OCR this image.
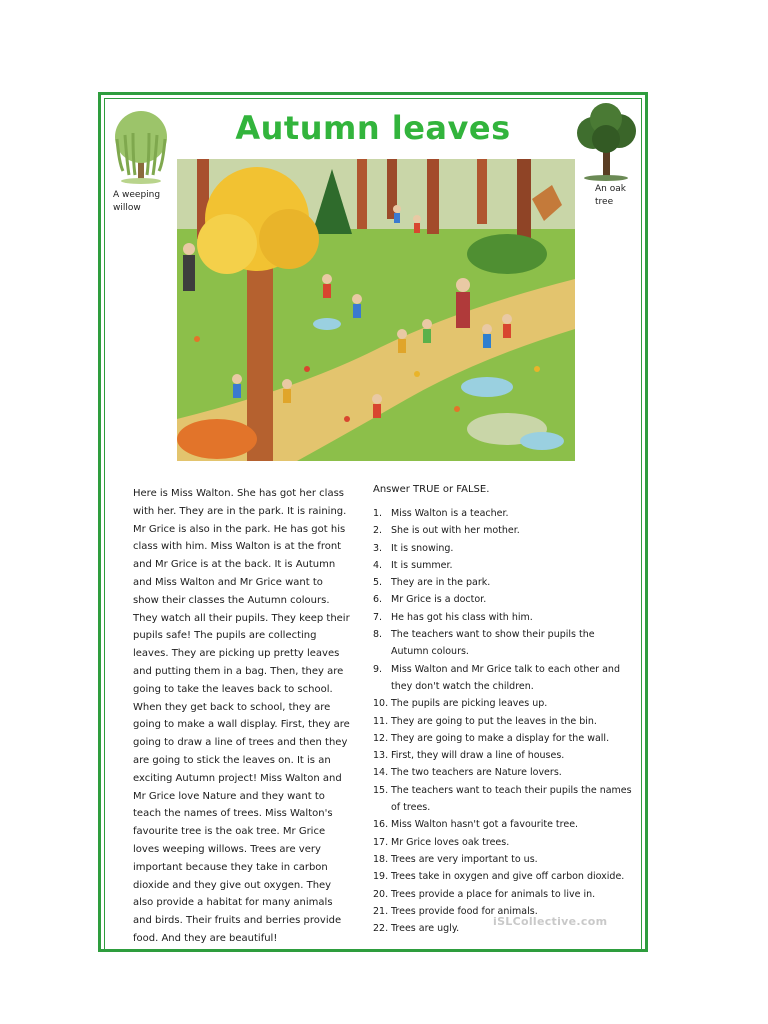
A weeping willow
Autumn leaves
An oak tree

Here is Miss Walton. She has got her class with her. They are in the park. It is raining. Mr Grice is also in the park. He has got his class with him. Miss Walton is at the front and Mr Grice is at the back. It is Autumn and Miss Walton and Mr Grice want to show their classes the Autumn colours. They watch all their pupils. They keep their pupils safe! The pupils are collecting leaves. They are picking up pretty leaves and putting them in a bag. Then, they are going to take the leaves back to school. When they get back to school, they are going to make a wall display. First, they are going to draw a line of trees and then they are going to stick the leaves on. It is an exciting Autumn project! Miss Walton and Mr Grice love Nature and they want to teach the names of trees. Miss Walton's favourite tree is the oak tree. Mr Grice loves weeping willows. Trees are very important because they take in carbon dioxide and they give out oxygen. They also provide a habitat for many animals and birds. Their fruits and berries provide food. And they are beautiful!

Answer TRUE or FALSE.

1. Miss Walton is a teacher.
2. She is out with her mother.
3. It is snowing.
4. It is summer.
5. They are in the park.
6. Mr Grice is a doctor.
7. He has got his class with him.
8. The teachers want to show their pupils the Autumn colours.
9. Miss Walton and Mr Grice talk to each other and they don't watch the children.
10. The pupils are picking leaves up.
11. They are going to put the leaves in the bin.
12. They are going to make a display for the wall.
13. First, they will draw a line of houses.
14. The two teachers are Nature lovers.
15. The teachers want to teach their pupils the names of trees.
16. Miss Walton hasn't got a favourite tree.
17. Mr Grice loves oak trees.
18. Trees are very important to us.
19. Trees take in oxygen and give off carbon dioxide.
20. Trees provide a place for animals to live in.
21. Trees provide food for animals.
22. Trees are ugly.
iSLCollective.com
